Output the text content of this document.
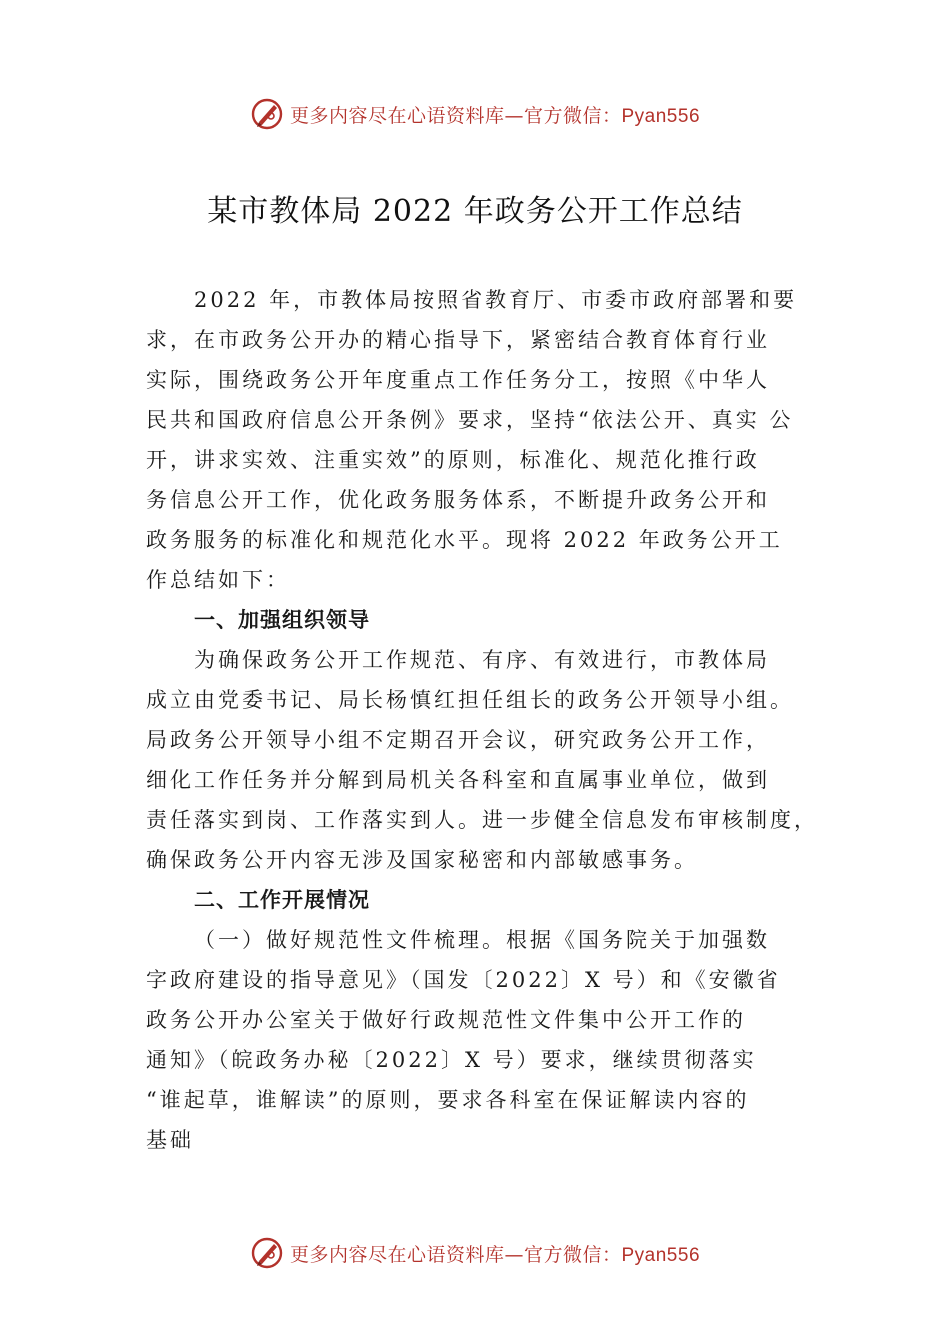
更多内容尽在心语资料库—官方微信：Pyan556
某市教体局 2022 年政务公开工作总结
2022 年，市教体局按照省教育厅、市委市政府部署和要
求，在市政务公开办的精心指导下，紧密结合教育体育行业
实际，围绕政务公开年度重点工作任务分工，按照《中华人
民共和国政府信息公开条例》要求，坚持“依法公开、真实 公
开，讲求实效、注重实效”的原则，标准化、规范化推行政
务信息公开工作，优化政务服务体系，不断提升政务公开和
政务服务的标准化和规范化水平。现将 2022 年政务公开工
作总结如下：
一、加强组织领导
为确保政务公开工作规范、有序、有效进行，市教体局
成立由党委书记、局长杨慎红担任组长的政务公开领导小组。
局政务公开领导小组不定期召开会议，研究政务公开工作，
细化工作任务并分解到局机关各科室和直属事业单位，做到
责任落实到岗、工作落实到人。进一步健全信息发布审核制度，
确保政务公开内容无涉及国家秘密和内部敏感事务。
二、工作开展情况
（一）做好规范性文件梳理。根据《国务院关于加强数
字政府建设的指导意见》（国发〔2022〕X 号）和《安徽省
政务公开办公室关于做好行政规范性文件集中公开工作的
通知》（皖政务办秘〔2022〕X 号）要求，继续贯彻落实
“谁起草，谁解读”的原则，要求各科室在保证解读内容的
基础
更多内容尽在心语资料库—官方微信：Pyan556
